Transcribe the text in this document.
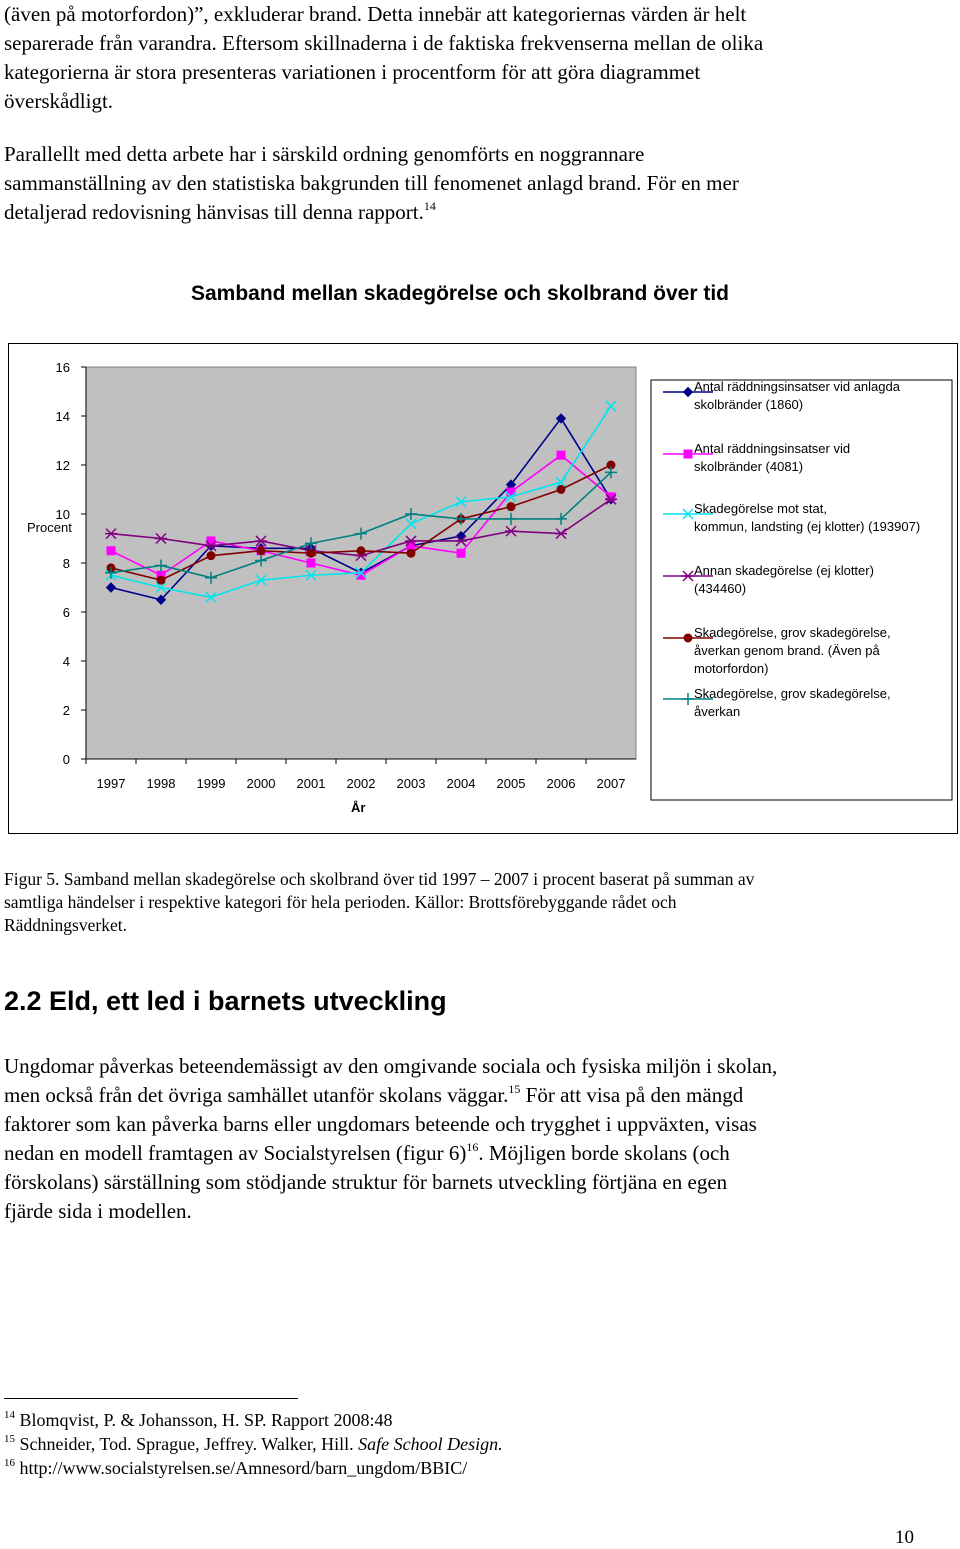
(även på motorfordon)”, exkluderar brand. Detta innebär att kategoriernas värden är helt
separerade från varandra. Eftersom skillnaderna i de faktiska frekvenserna mellan de olika
kategorierna är stora presenteras variationen i procentform för att göra diagrammet
överskådligt.

Parallellt med detta arbete har i särskild ordning genomförts en noggrannare
sammanställning av den statistiska bakgrunden till fenomenet anlagd brand. För en mer
detaljerad redovisning hänvisas till denna rapport.$^{14}$

Samband mellan skadegörelse och skolbrand över tid
0
2
4
6
8
10
12
14
16
1997 1998 1999 2000 2001 2002 2003 2004 2005 2006 2007
Procent
År
Antal räddningsinsatser vid anlagda
skolbränder (1860)
Antal räddningsinsatser vid
skolbränder (4081)
Skadegörelse mot stat,
kommun, landsting (ej klotter) (193907)
Annan skadegörelse (ej klotter)
(434460)
Skadegörelse, grov skadegörelse,
åverkan genom brand. (Även på
motorfordon)
Skadegörelse, grov skadegörelse,
åverkan

Figur 5. Samband mellan skadegörelse och skolbrand över tid 1997 – 2007 i procent baserat på summan av
samtliga händelser i respektive kategori för hela perioden. Källor: Brottsförebyggande rådet och
Räddningsverket.

2.2 Eld, ett led i barnets utveckling

Ungdomar påverkas beteendemässigt av den omgivande sociala och fysiska miljön i skolan,
men också från det övriga samhället utanför skolans väggar.$^{15}$ För att visa på den mängd
faktorer som kan påverka barns eller ungdomars beteende och trygghet i uppväxten, visas
nedan en modell framtagen av Socialstyrelsen (figur 6)$^{16}$. Möjligen borde skolans (och
förskolans) särställning som stödjande struktur för barnets utveckling förtjäna en egen
fjärde sida i modellen.

$^{14}$ Blomqvist, P. & Johansson, H. SP. Rapport 2008:48

$^{15}$ Schneider, Tod. Sprague, Jeffrey. Walker, Hill. Safe School Design.

$^{16}$ http://www.socialstyrelsen.se/Amnesord/barn_ungdom/BBIC/

10
